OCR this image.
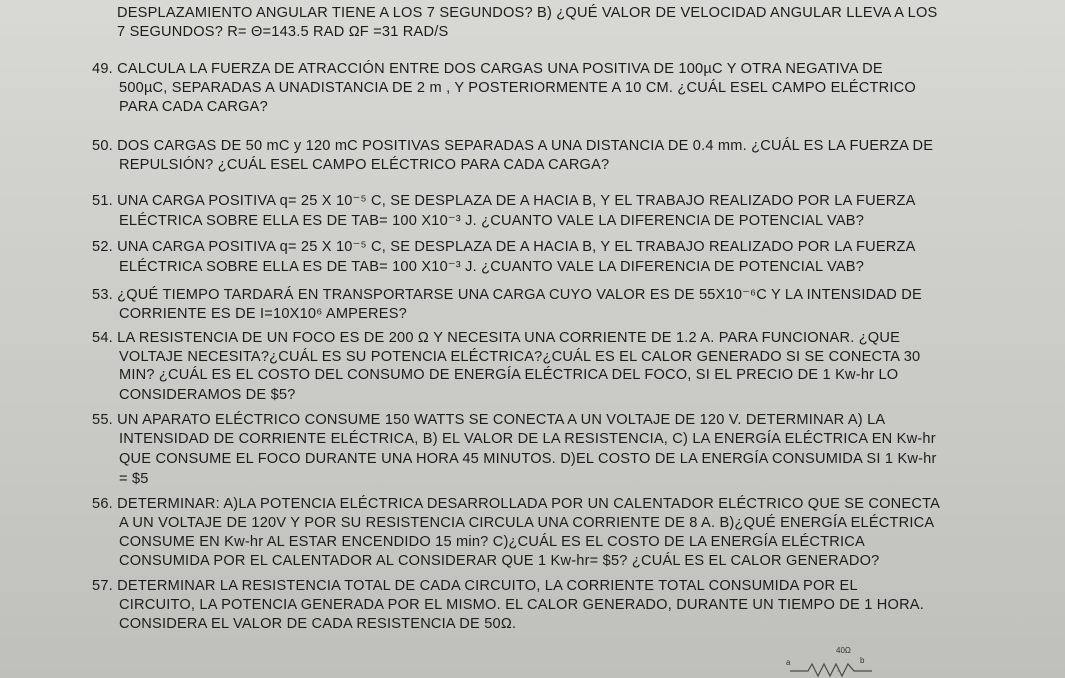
DESPLAZAMIENTO ANGULAR TIENE A LOS 7 SEGUNDOS? B) ¿QUÉ VALOR DE VELOCIDAD ANGULAR LLEVA A LOS
7 SEGUNDOS? R= Θ=143.5 RAD ΩF =31 RAD/S
49. CALCULA LA FUERZA DE ATRACCIÓN ENTRE DOS CARGAS UNA POSITIVA DE 100µC Y OTRA NEGATIVA DE
500µC, SEPARADAS A UNADISTANCIA DE 2 m , Y POSTERIORMENTE A 10 CM. ¿CUÁL ESEL CAMPO ELÉCTRICO
PARA CADA CARGA?
50. DOS CARGAS DE 50 mC y 120 mC POSITIVAS SEPARADAS A UNA DISTANCIA DE 0.4 mm. ¿CUÁL ES LA FUERZA DE
REPULSIÓN? ¿CUÁL ESEL CAMPO ELÉCTRICO PARA CADA CARGA?
51. UNA CARGA POSITIVA q= 25 X 10⁻⁵ C, SE DESPLAZA DE A HACIA B, Y EL TRABAJO REALIZADO POR LA FUERZA
ELÉCTRICA SOBRE ELLA ES DE TAB= 100 X10⁻³ J. ¿CUANTO VALE LA DIFERENCIA DE POTENCIAL VAB?
52. UNA CARGA POSITIVA q= 25 X 10⁻⁵ C, SE DESPLAZA DE A HACIA B, Y EL TRABAJO REALIZADO POR LA FUERZA
ELÉCTRICA SOBRE ELLA ES DE TAB= 100 X10⁻³ J. ¿CUANTO VALE LA DIFERENCIA DE POTENCIAL VAB?
53. ¿QUÉ TIEMPO TARDARÁ EN TRANSPORTARSE UNA CARGA CUYO VALOR ES DE 55X10⁻⁶C Y LA INTENSIDAD DE
CORRIENTE ES DE I=10X10⁶ AMPERES?
54. LA RESISTENCIA DE UN FOCO ES DE 200 Ω Y NECESITA UNA CORRIENTE DE 1.2 A. PARA FUNCIONAR. ¿QUE
VOLTAJE NECESITA?¿CUÁL ES SU POTENCIA ELÉCTRICA?¿CUÁL ES EL CALOR GENERADO SI SE CONECTA 30
MIN? ¿CUÁL ES EL COSTO DEL CONSUMO DE ENERGÍA ELÉCTRICA DEL FOCO, SI EL PRECIO DE 1 Kw-hr LO
CONSIDERAMOS DE $5?
55. UN APARATO ELÉCTRICO CONSUME 150 WATTS SE CONECTA A UN VOLTAJE DE 120 V. DETERMINAR A) LA
INTENSIDAD DE CORRIENTE ELÉCTRICA, B) EL VALOR DE LA RESISTENCIA, C) LA ENERGÍA ELÉCTRICA EN Kw-hr
QUE CONSUME EL FOCO DURANTE UNA HORA 45 MINUTOS. D)EL COSTO DE LA ENERGÍA CONSUMIDA SI 1 Kw-hr
= $5
56. DETERMINAR: A)LA POTENCIA ELÉCTRICA DESARROLLADA POR UN CALENTADOR ELÉCTRICO QUE SE CONECTA
A UN VOLTAJE DE 120V Y POR SU RESISTENCIA CIRCULA UNA CORRIENTE DE 8 A. B)¿QUÉ ENERGÍA ELÉCTRICA
CONSUME EN Kw-hr AL ESTAR ENCENDIDO 15 min? C)¿CUÁL ES EL COSTO DE LA ENERGÍA ELÉCTRICA
CONSUMIDA POR EL CALENTADOR AL CONSIDERAR QUE 1 Kw-hr= $5? ¿CUÁL ES EL CALOR GENERADO?
57. DETERMINAR LA RESISTENCIA TOTAL DE CADA CIRCUITO, LA CORRIENTE TOTAL CONSUMIDA POR EL
CIRCUITO, LA POTENCIA GENERADA POR EL MISMO. EL CALOR GENERADO, DURANTE UN TIEMPO DE 1 HORA.
CONSIDERA EL VALOR DE CADA RESISTENCIA DE 50Ω.
40Ω
a	b
